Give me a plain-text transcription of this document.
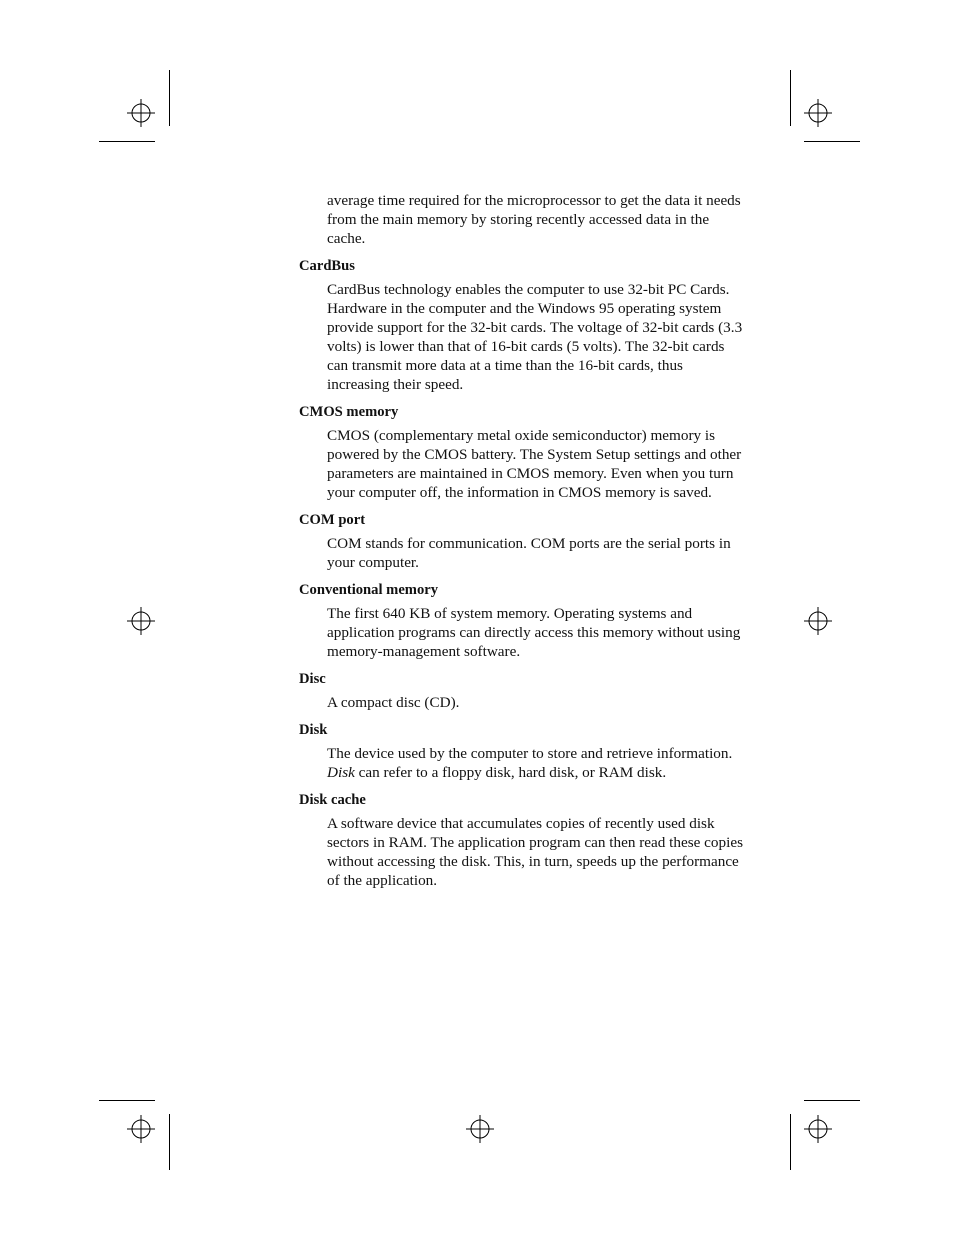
average time required for the microprocessor to get the data it needs from the main memory by storing recently accessed data in the cache.

CardBus

CardBus technology enables the computer to use 32-bit PC Cards. Hardware in the computer and the Windows 95 operating system provide support for the 32-bit cards. The voltage of 32-bit cards (3.3 volts) is lower than that of 16-bit cards (5 volts). The 32-bit cards can transmit more data at a time than the 16-bit cards, thus increasing their speed.

CMOS memory

CMOS (complementary metal oxide semiconductor) memory is powered by the CMOS battery. The System Setup settings and other parameters are maintained in CMOS memory. Even when you turn your computer off, the information in CMOS memory is saved.

COM port

COM stands for communication. COM ports are the serial ports in your computer.

Conventional memory

The first 640 KB of system memory. Operating systems and application programs can directly access this memory without using memory-management software.

Disc

A compact disc (CD).

Disk

The device used by the computer to store and retrieve information. Disk can refer to a floppy disk, hard disk, or RAM disk.

Disk cache

A software device that accumulates copies of recently used disk sectors in RAM. The application program can then read these copies without accessing the disk. This, in turn, speeds up the performance of the application.
